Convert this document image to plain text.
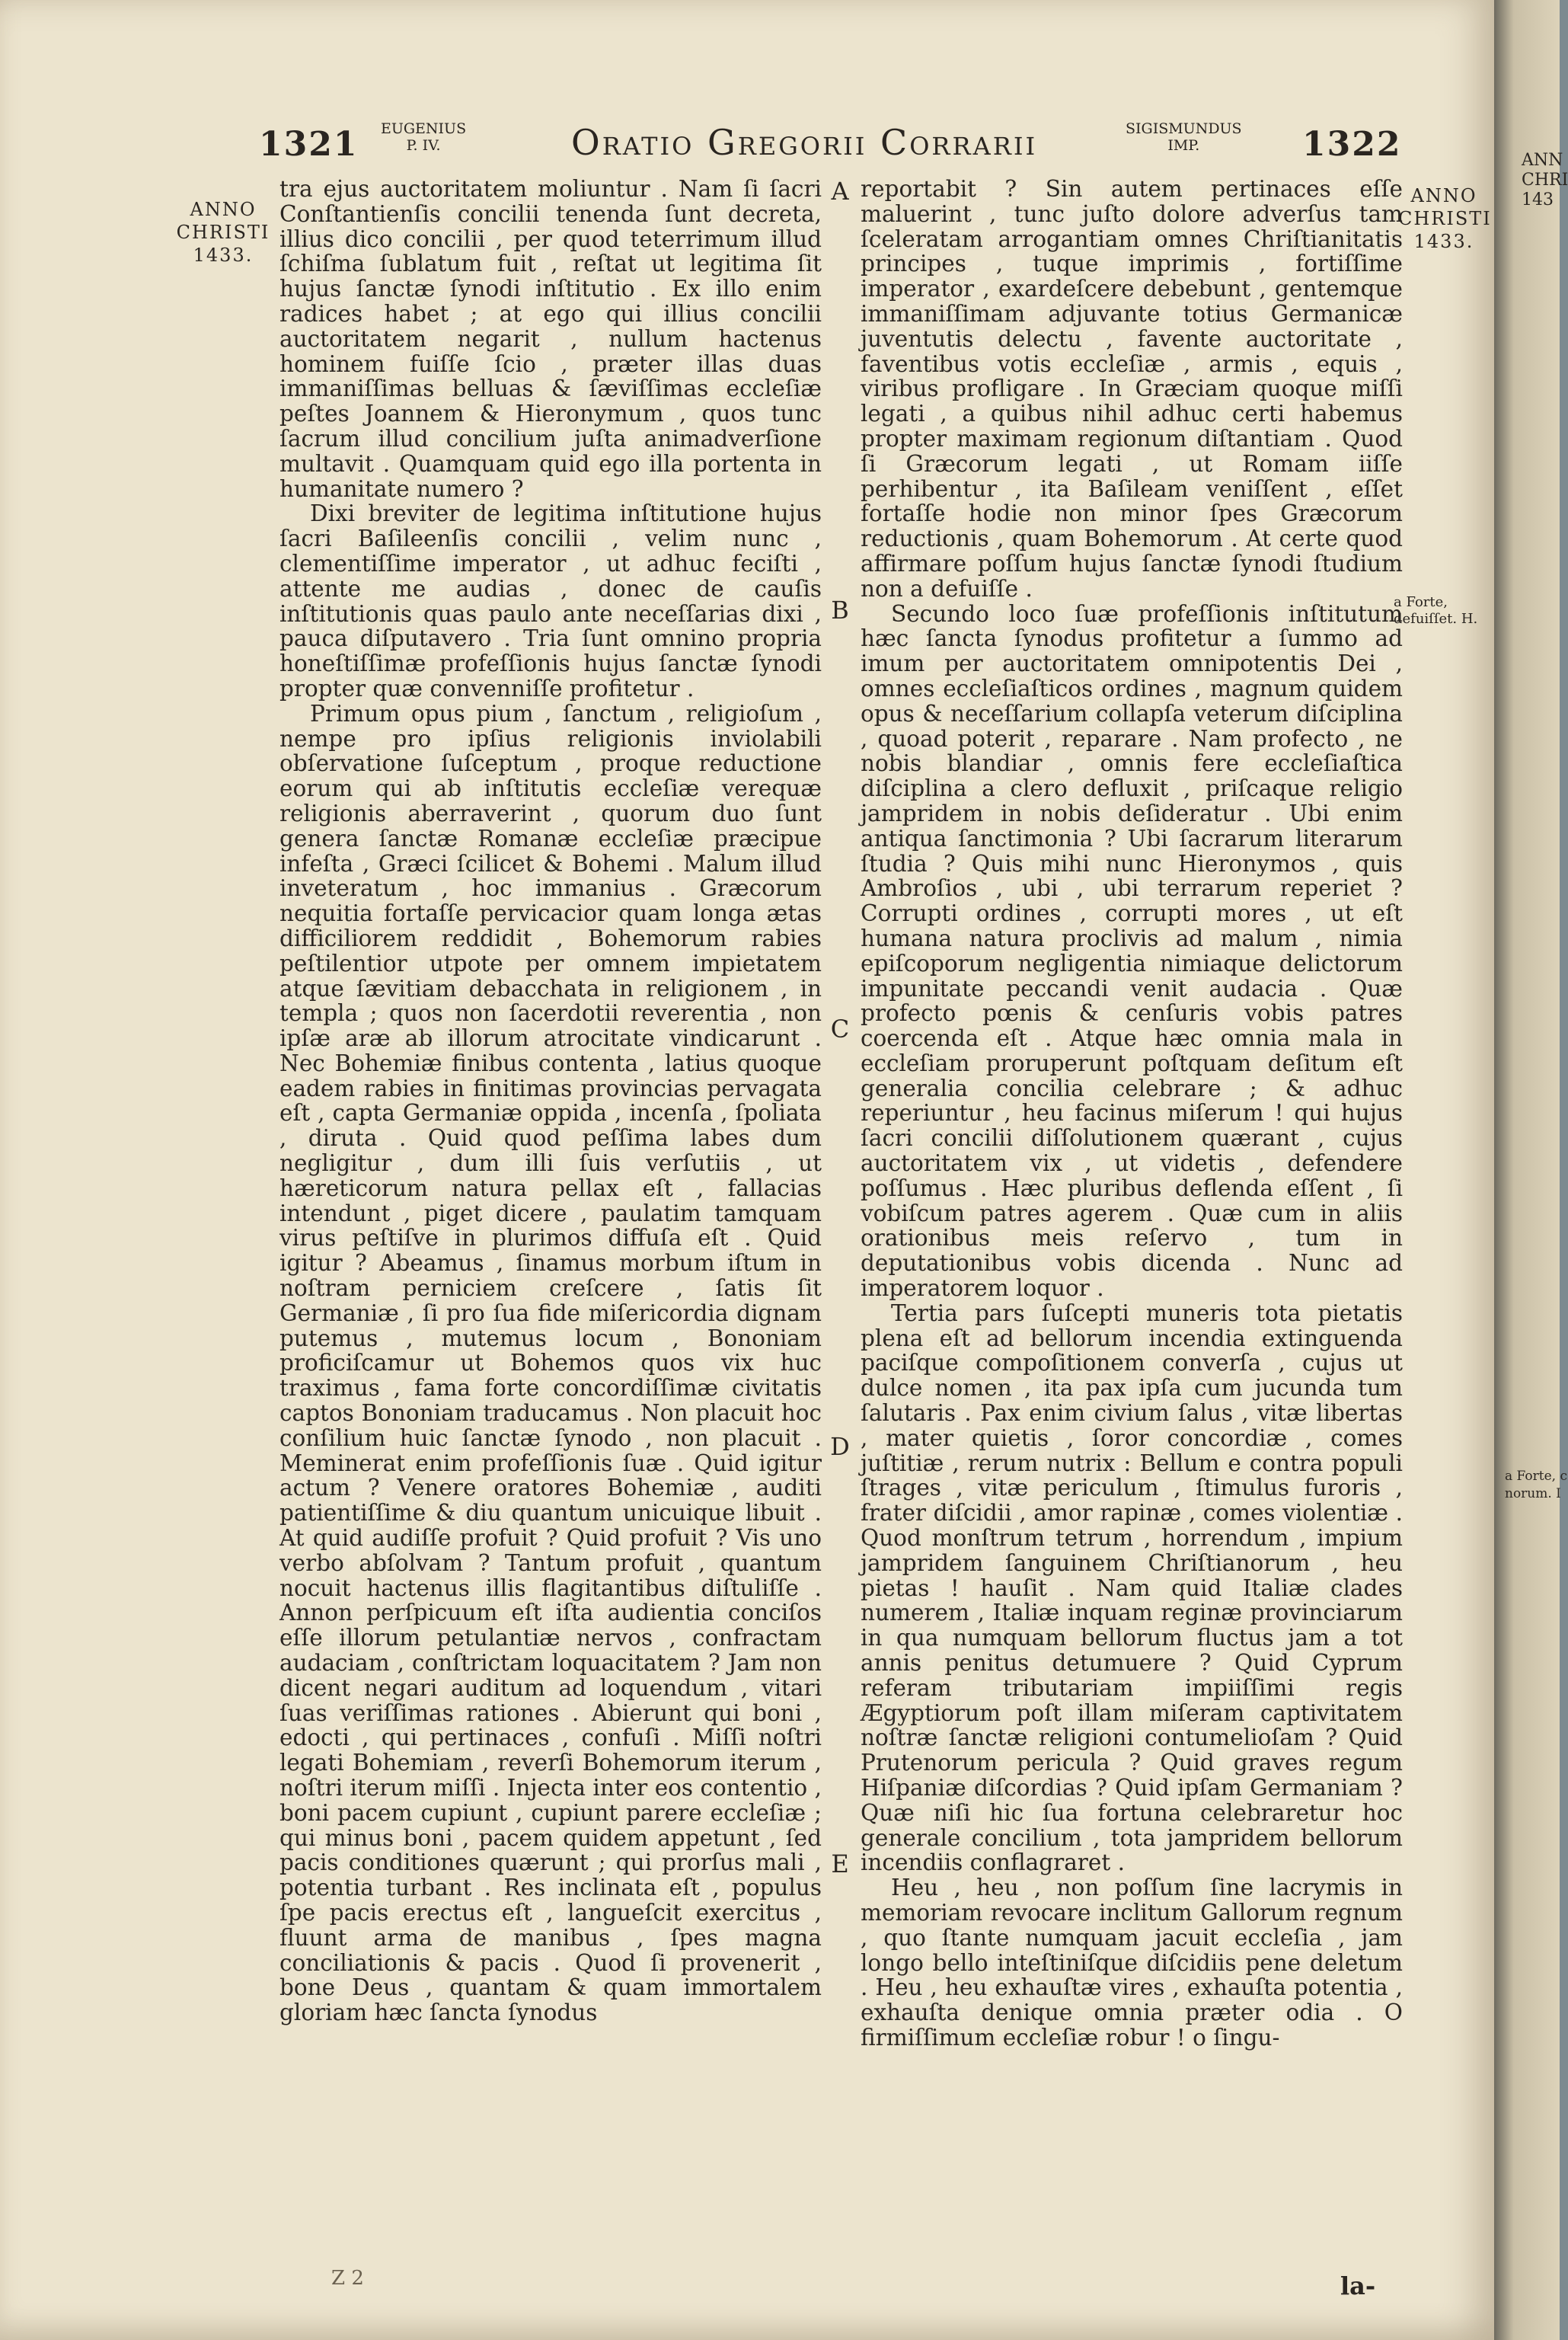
1321 EUGENIUS
P. IV.	Oratio Gregorii Corrarii	SIGISMUNDUS
IMP.	1322
ANNO
CHRISTI
1433.
ANNO
CHRISTI
1433.

tra ejus auctoritatem moliuntur . Nam ſi ſacri Conſtantienſis concilii tenenda ſunt decreta, illius dico concilii , per quod teterrimum illud ſchiſma ſublatum fuit , reſtat ut legitima ſit hujus ſanctæ ſynodi inſtitutio . Ex illo enim radices habet ; at ego qui illius concilii auctoritatem negarit , nullum hactenus hominem fuiſſe ſcio , præter illas duas immaniſſimas belluas & ſæviſſimas eccleſiæ peſtes Joannem & Hieronymum , quos tunc ſacrum illud concilium juſta animadverſione multavit . Quamquam quid ego illa portenta in humanitate numero ?

Dixi breviter de legitima inſtitutione hujus ſacri Baſileenſis concilii , velim nunc , clementiſſime imperator , ut adhuc feciſti , attente me audias , donec de cauſis inſtitutionis quas paulo ante neceſſarias dixi , pauca diſputavero . Tria ſunt omnino propria honeſtiſſimæ profeſſionis hujus ſanctæ ſynodi propter quæ convenniſſe profitetur .

Primum opus pium , ſanctum , religioſum , nempe pro ipſius religionis inviolabili obſervatione ſuſceptum , proque reductione eorum qui ab inſtitutis eccleſiæ verequæ religionis aberraverint , quorum duo ſunt genera ſanctæ Romanæ eccleſiæ præcipue infeſta , Græci ſcilicet & Bohemi . Malum illud inveteratum , hoc immanius . Græcorum nequitia fortaſſe pervicacior quam longa ætas difficiliorem reddidit , Bohemorum rabies peſtilentior utpote per omnem impietatem atque ſævitiam debacchata in religionem , in templa ; quos non ſacerdotii reverentia , non ipſæ aræ ab illorum atrocitate vindicarunt . Nec Bohemiæ finibus contenta , latius quoque eadem rabies in finitimas provincias pervagata eſt , capta Germaniæ oppida , incenſa , ſpoliata , diruta . Quid quod peſſima labes dum negligitur , dum illi ſuis verſutiis , ut hæreticorum natura pellax eſt , fallacias intendunt , piget dicere , paulatim tamquam virus peſtiſve in plurimos diffuſa eſt . Quid igitur ? Abeamus , ſinamus morbum iſtum in noſtram perniciem creſcere , ſatis ſit Germaniæ , ſi pro ſua fide miſericordia dignam putemus , mutemus locum , Bononiam proficiſcamur ut Bohemos quos vix huc traximus , fama forte concordiſſimæ civitatis captos Bononiam traducamus . Non placuit hoc conſilium huic ſanctæ ſynodo , non placuit . Meminerat enim profeſſionis ſuæ . Quid igitur actum ? Venere oratores Bohemiæ , auditi patientiſſime & diu quantum unicuique libuit . At quid audiſſe profuit ? Quid profuit ? Vis uno verbo abſolvam ? Tantum profuit , quantum nocuit hactenus illis flagitantibus diſtuliſſe . Annon perſpicuum eſt iſta audientia conciſos eſſe illorum petulantiæ nervos , confractam audaciam , conſtrictam loquacitatem ? Jam non dicent negari auditum ad loquendum , vitari ſuas veriſſimas rationes . Abierunt qui boni , edocti , qui pertinaces , confuſi . Miſſi noſtri legati Bohemiam , reverſi Bohemorum iterum , noſtri iterum miſſi . Injecta inter eos contentio , boni pacem cupiunt , cupiunt parere eccleſiæ ; qui minus boni , pacem quidem appetunt , ſed pacis conditiones quærunt ; qui prorſus mali , potentia turbant . Res inclinata eſt , populus ſpe pacis erectus eſt , langueſcit exercitus , fluunt arma de manibus , ſpes magna conciliationis & pacis . Quod ſi provenerit , bone Deus , quantam & quam immortalem gloriam hæc ſancta ſynodus

A
B
C
D
E

reportabit ? Sin autem pertinaces eſſe maluerint , tunc juſto dolore adverſus tam ſceleratam arrogantiam omnes Chriſtianitatis principes , tuque imprimis , fortiſſime imperator , exardeſcere debebunt , gentemque immaniſſimam adjuvante totius Germanicæ juventutis delectu , favente auctoritate , faventibus votis eccleſiæ , armis , equis , viribus profligare . In Græciam quoque miſſi legati , a quibus nihil adhuc certi habemus propter maximam regionum diſtantiam . Quod ſi Græcorum legati , ut Romam iiſſe perhibentur , ita Baſileam veniſſent , eſſet fortaſſe hodie non minor ſpes Græcorum reductionis , quam Bohemorum . At certe quod affirmare poſſum hujus ſanctæ ſynodi ſtudium non a defuiſſe .

Secundo loco ſuæ profeſſionis inſtitutum hæc ſancta ſynodus profitetur a ſummo ad imum per auctoritatem omnipotentis Dei , omnes eccleſiaſticos ordines , magnum quidem opus & neceſſarium collapſa veterum diſciplina , quoad poterit , reparare . Nam profecto , ne nobis blandiar , omnis fere eccleſiaſtica diſciplina a clero defluxit , priſcaque religio jampridem in nobis deſideratur . Ubi enim antiqua ſanctimonia ? Ubi ſacrarum literarum ſtudia ? Quis mihi nunc Hieronymos , quis Ambroſios , ubi , ubi terrarum reperiet ? Corrupti ordines , corrupti mores , ut eſt humana natura proclivis ad malum , nimia epiſcoporum negligentia nimiaque delictorum impunitate peccandi venit audacia . Quæ profecto pœnis & cenſuris vobis patres coercenda eſt . Atque hæc omnia mala in eccleſiam proruperunt poſtquam deſitum eſt generalia concilia celebrare ; & adhuc reperiuntur , heu facinus miſerum ! qui hujus ſacri concilii diſſolutionem quærant , cujus auctoritatem vix , ut videtis , defendere poſſumus . Hæc pluribus deflenda eſſent , ſi vobiſcum patres agerem . Quæ cum in aliis orationibus meis reſervo , tum in deputationibus vobis dicenda . Nunc ad imperatorem loquor .

Tertia pars ſuſcepti muneris tota pietatis plena eſt ad bellorum incendia extinguenda paciſque compoſitionem converſa , cujus ut dulce nomen , ita pax ipſa cum jucunda tum ſalutaris . Pax enim civium ſalus , vitæ libertas , mater quietis , ſoror concordiæ , comes juſtitiæ , rerum nutrix : Bellum e contra populi ſtrages , vitæ periculum , ſtimulus furoris , frater diſcidii , amor rapinæ , comes violentiæ . Quod monſtrum tetrum , horrendum , impium jampridem ſanguinem Chriſtianorum , heu pietas ! hauſit . Nam quid Italiæ clades numerem , Italiæ inquam reginæ provinciarum in qua numquam bellorum fluctus jam a tot annis penitus detumuere ? Quid Cyprum referam tributariam impiiſſimi regis Ægyptiorum poſt illam miſeram captivitatem noſtræ ſanctæ religioni contumelioſam ? Quid Prutenorum pericula ? Quid graves regum Hiſpaniæ diſcordias ? Quid ipſam Germaniam ? Quæ niſi hic ſua fortuna celebraretur hoc generale concilium , tota jampridem bellorum incendiis conflagraret .

Heu , heu , non poſſum ſine lacrymis in memoriam revocare inclitum Gallorum regnum , quo ſtante numquam jacuit eccleſia , jam longo bello inteſtiniſque diſcidiis pene deletum . Heu , heu exhauſtæ vires , exhauſta potentia , exhauſta denique omnia præter odia . O firmiſſimum eccleſiæ robur ! o ſingu-

a Forte, defuiſſet. H.
Z 2	la-
ANN
CHRI
143
a Forte, c
norum. I
